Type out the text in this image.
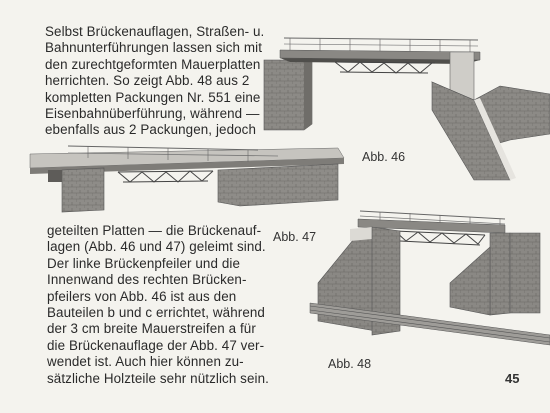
Selbst Brückenauflagen, Straßen- u.
Bahnunterführungen lassen sich mit
den zurechtgeformten Mauerplatten
herrichten. So zeigt Abb. 48 aus 2
kompletten Packungen Nr. 551 eine
Eisenbahnüberführung, während —
ebenfalls aus 2 Packungen, jedoch

Abb. 46
Abb. 47

geteilten Platten — die Brückenauf-
lagen (Abb. 46 und 47) geleimt sind.
Der linke Brückenpfeiler und die
Innenwand des rechten Brücken-
pfeilers von Abb. 46 ist aus den
Bauteilen b und c errichtet, während
der 3 cm breite Mauerstreifen a für
die Brückenauflage der Abb. 47 ver-
wendet ist. Auch hier können zu-
sätzliche Holzteile sehr nützlich sein.

Abb. 48
45
